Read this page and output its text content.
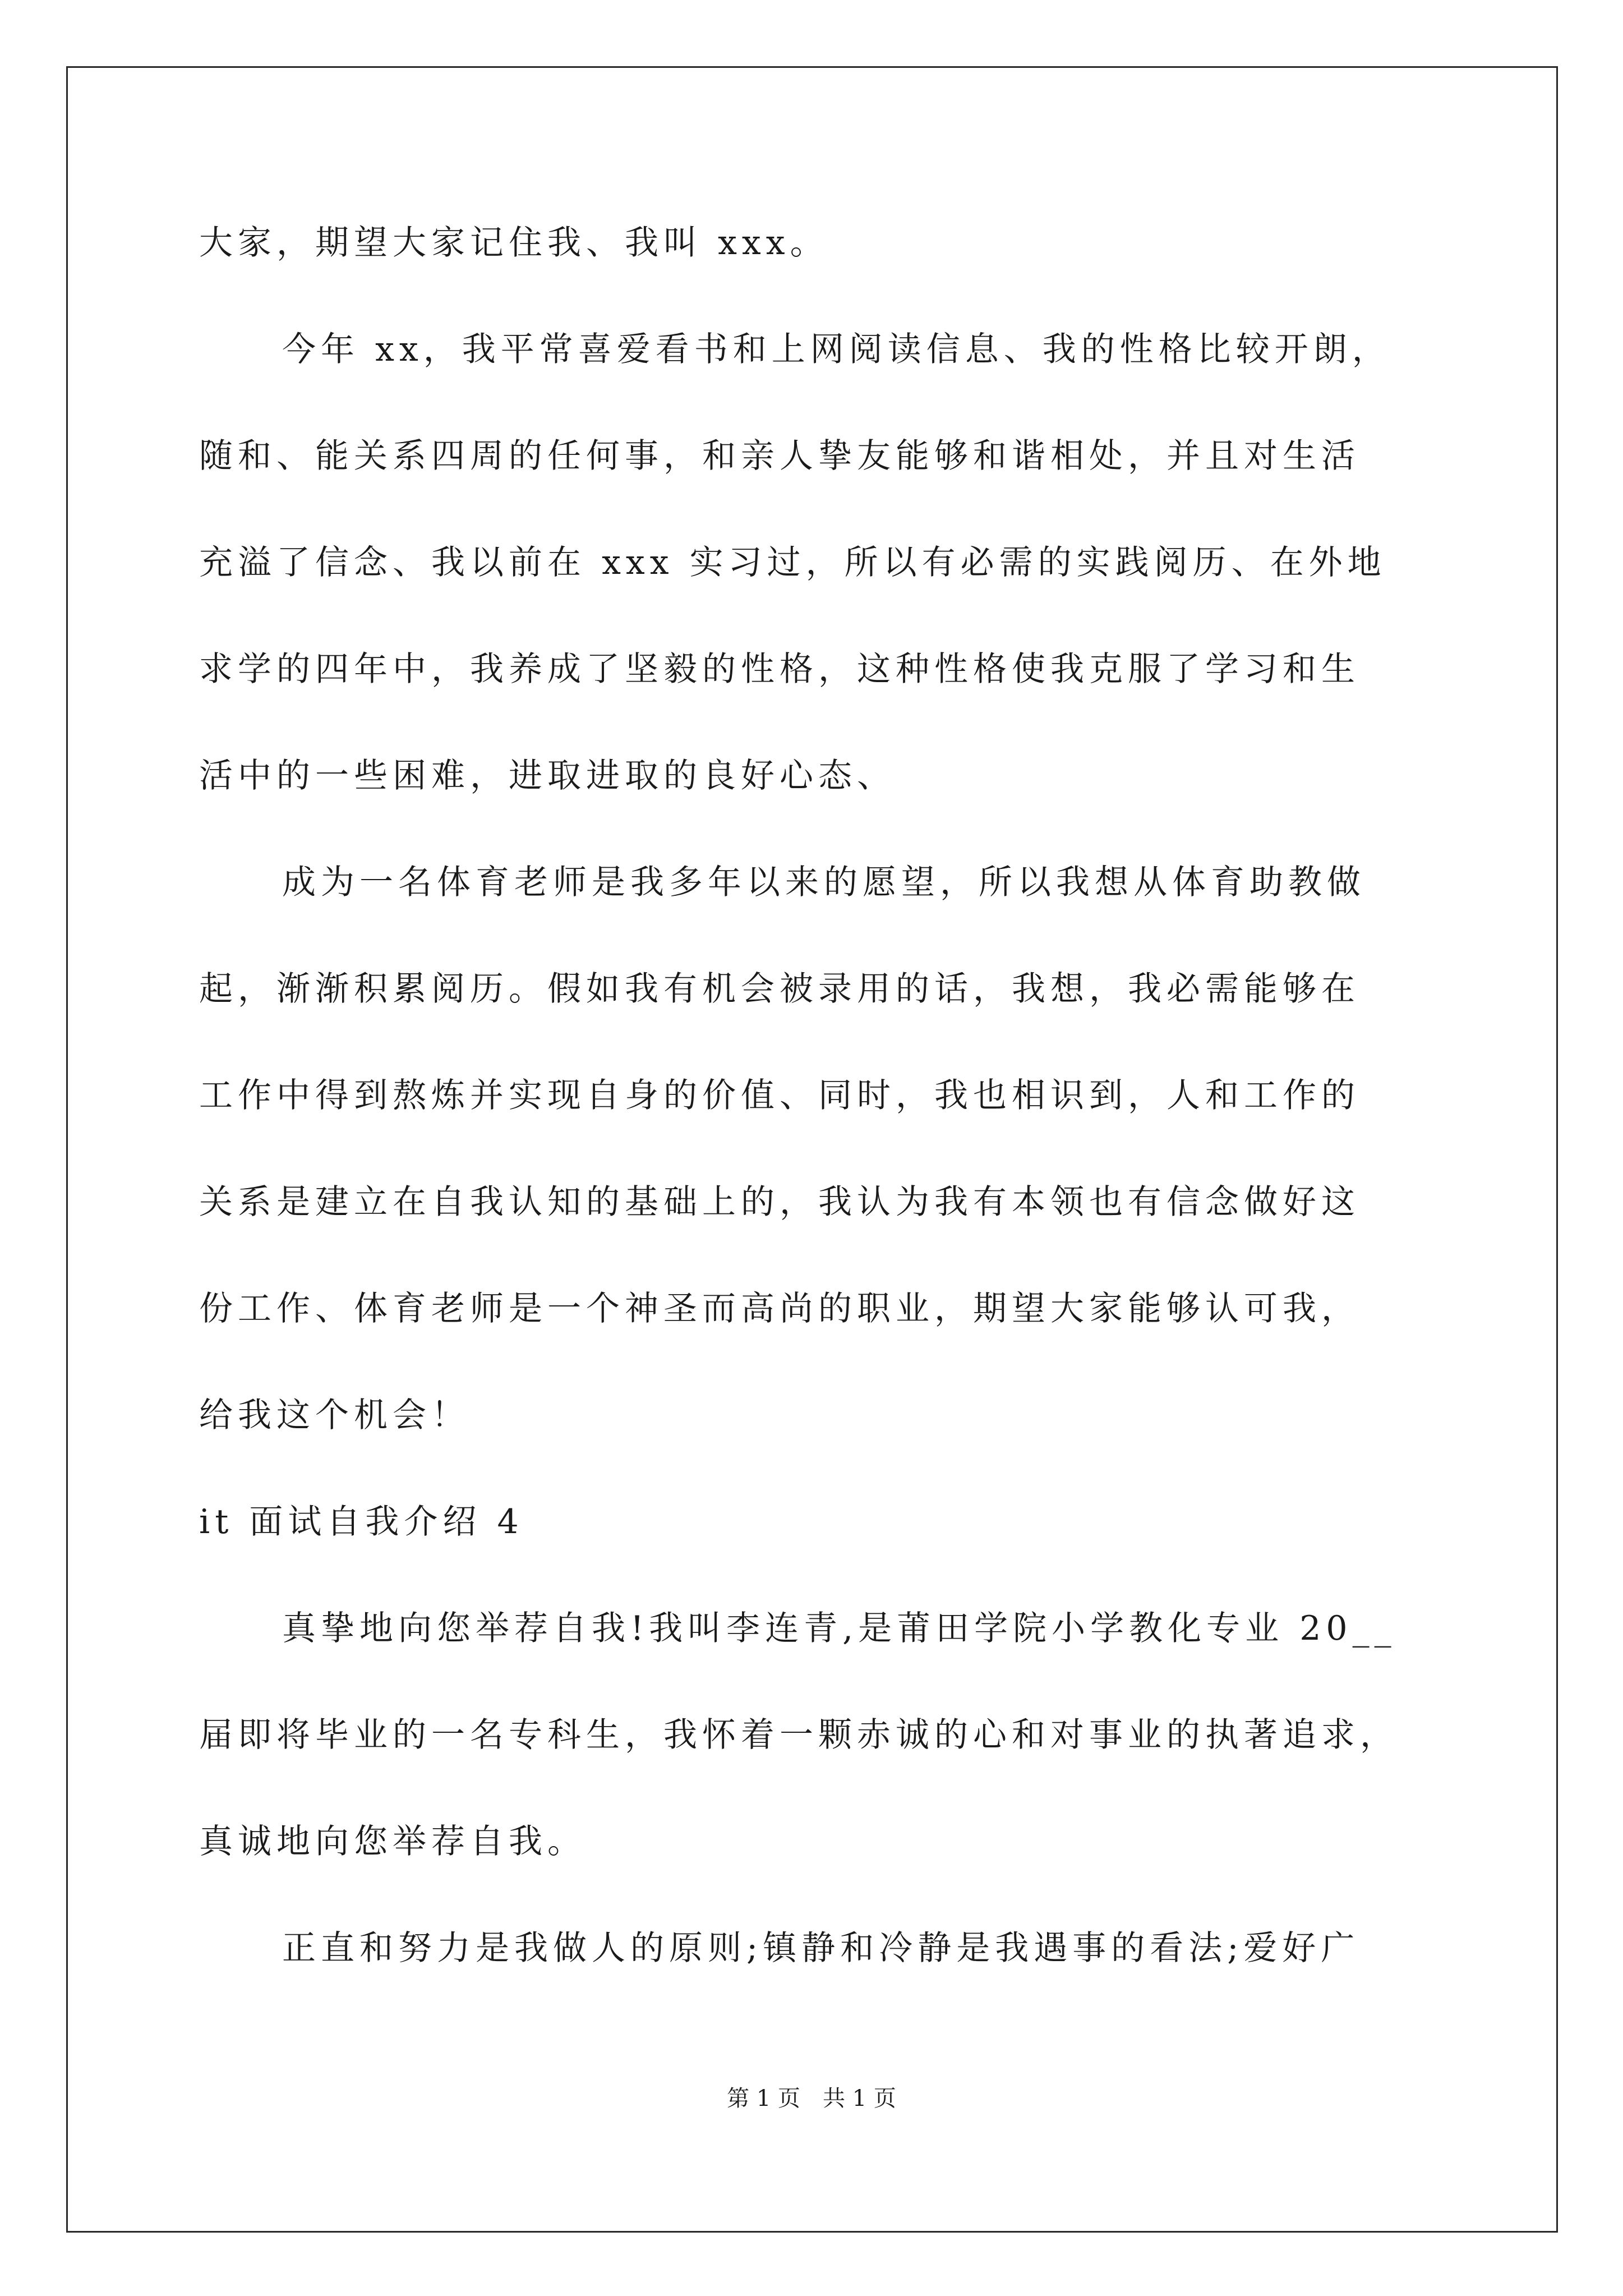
大家，期望大家记住我、我叫 xxx。
今年 xx，我平常喜爱看书和上网阅读信息、我的性格比较开朗，
随和、能关系四周的任何事，和亲人挚友能够和谐相处，并且对生活
充溢了信念、我以前在 xxx 实习过，所以有必需的实践阅历、在外地
求学的四年中，我养成了坚毅的性格，这种性格使我克服了学习和生
活中的一些困难，进取进取的良好心态、
成为一名体育老师是我多年以来的愿望，所以我想从体育助教做
起，渐渐积累阅历。假如我有机会被录用的话，我想，我必需能够在
工作中得到熬炼并实现自身的价值、同时，我也相识到，人和工作的
关系是建立在自我认知的基础上的，我认为我有本领也有信念做好这
份工作、体育老师是一个神圣而高尚的职业，期望大家能够认可我，
给我这个机会！
it 面试自我介绍 4
真挚地向您举荐自我!我叫李连青,是莆田学院小学教化专业 20__
届即将毕业的一名专科生，我怀着一颗赤诚的心和对事业的执著追求，
真诚地向您举荐自我。
正直和努力是我做人的原则;镇静和冷静是我遇事的看法;爱好广
第 1 页　共 1 页
